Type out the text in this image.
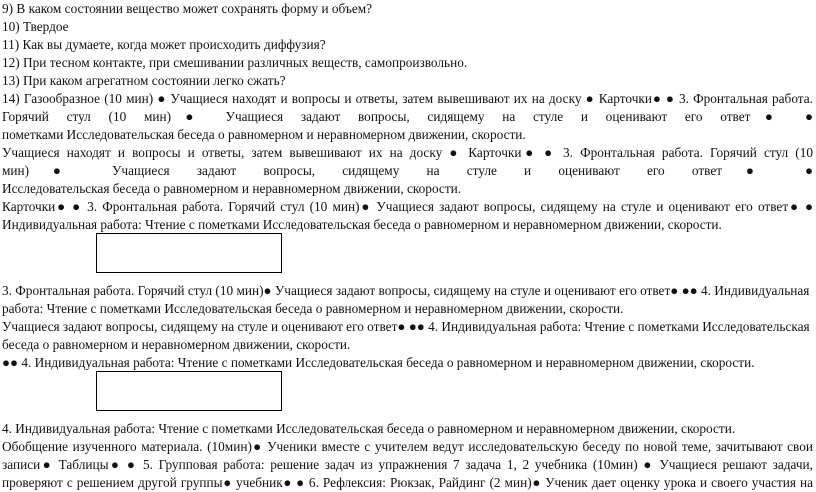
9) В каком состоянии вещество может сохранять форму и объем?
10) Твердое
11) Как вы думаете, когда может происходить диффузия?
12) При тесном контакте, при смешивании различных веществ, самопроизвольно.
13) При каком агрегатном состоянии легко сжать?
14) Газообразное (10 мин) ● Учащиеся находят и вопросы и ответы, затем вывешивают их на доску ● Карточки● ● 3. Фронтальная работа.
Горячий стул (10 мин)● Учащиеся задают вопросы, сидящему на стуле и оценивают его ответ● ●
пометками Исследовательская беседа о равномерном и неравномерном движении, скорости.
Учащиеся находят и вопросы и ответы, затем вывешивают их на доску ● Карточки● ● 3. Фронтальная работа. Горячий стул (10
мин)● Учащиеся задают вопросы, сидящему на стуле и оценивают его ответ● ●
Исследовательская беседа о равномерном и неравномерном движении, скорости.
Карточки● ● 3. Фронтальная работа. Горячий стул (10 мин)● Учащиеся задают вопросы, сидящему на стуле и оценивают его ответ● ●
Индивидуальная работа: Чтение с пометками Исследовательская беседа о равномерном и неравномерном движении, скорости.
3. Фронтальная работа. Горячий стул (10 мин)● Учащиеся задают вопросы, сидящему на стуле и оценивают его ответ● ●● 4. Индивидуальная
работа: Чтение с пометками Исследовательская беседа о равномерном и неравномерном движении, скорости.
Учащиеся задают вопросы, сидящему на стуле и оценивают его ответ● ●● 4. Индивидуальная работа: Чтение с пометками Исследовательская
беседа о равномерном и неравномерном движении, скорости.
●● 4. Индивидуальная работа: Чтение с пометками Исследовательская беседа о равномерном и неравномерном движении, скорости.
4. Индивидуальная работа: Чтение с пометками Исследовательская беседа о равномерном и неравномерном движении, скорости.
Обобщение изученного материала. (10мин)● Ученики вместе с учителем ведут исследовательскую беседу по новой теме, зачитывают свои
записи● Таблицы● ● 5. Групповая работа: решение задач из упражнения 7 задача 1, 2 учебника (10мин) ● Учащиеся решают задачи,
проверяют с решением другой группы● учебник● ● 6. Рефлексия: Рюкзак, Райдинг (2 мин)● Ученик дает оценку урока и своего участия на
